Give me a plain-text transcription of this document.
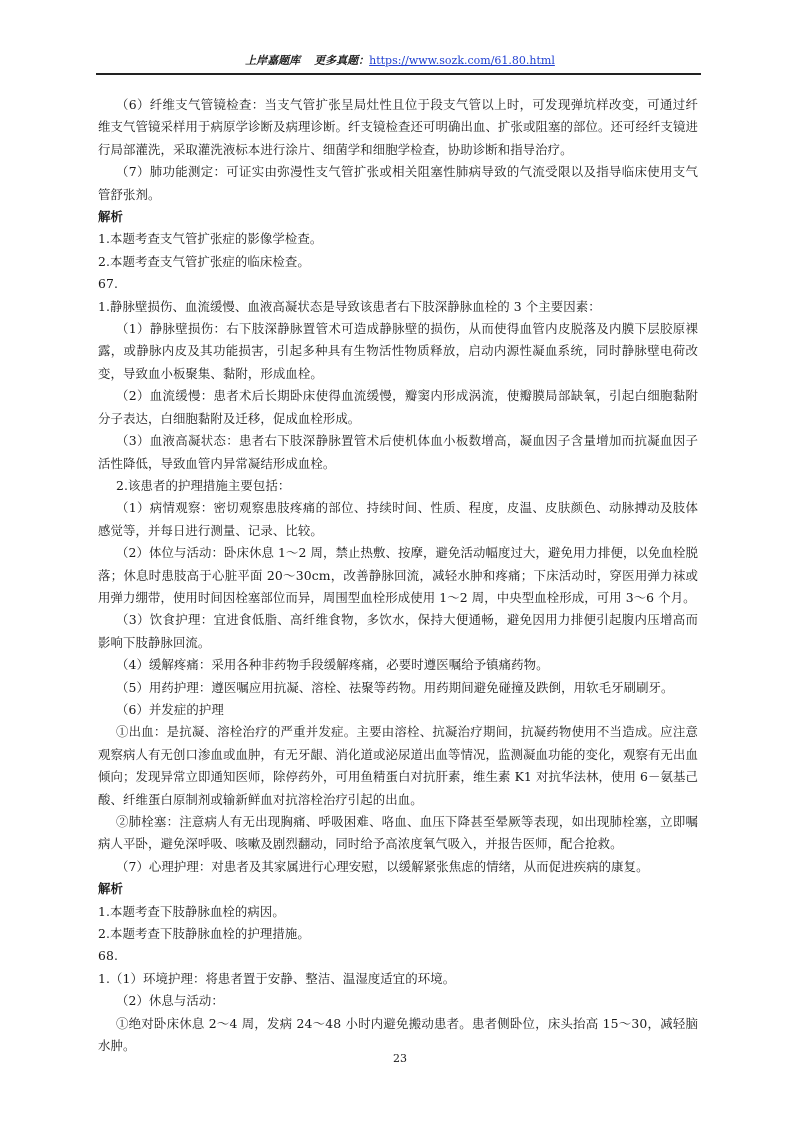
上岸嘉题库 更多真题：https://www.sozk.com/61.80.html

（6）纤维支气管镜检查：当支气管扩张呈局灶性且位于段支气管以上时，可发现弹坑样改变，可通过纤维支气管镜采样用于病原学诊断及病理诊断。纤支镜检查还可明确出血、扩张或阻塞的部位。还可经纤支镜进行局部灌洗，采取灌洗液标本进行涂片、细菌学和细胞学检查，协助诊断和指导治疗。

（7）肺功能测定：可证实由弥漫性支气管扩张或相关阻塞性肺病导致的气流受限以及指导临床使用支气管舒张剂。

解析

1.本题考查支气管扩张症的影像学检查。

2.本题考查支气管扩张症的临床检查。

67.

1.静脉壁损伤、血流缓慢、血液高凝状态是导致该患者右下肢深静脉血栓的 3 个主要因素：

（1）静脉壁损伤：右下肢深静脉置管术可造成静脉壁的损伤，从而使得血管内皮脱落及内膜下层胶原裸露，或静脉内皮及其功能损害，引起多种具有生物活性物质释放，启动内源性凝血系统，同时静脉壁电荷改变，导致血小板聚集、黏附，形成血栓。

（2）血流缓慢：患者术后长期卧床使得血流缓慢，瓣窦内形成涡流，使瓣膜局部缺氧，引起白细胞黏附分子表达，白细胞黏附及迁移，促成血栓形成。

（3）血液高凝状态：患者右下肢深静脉置管术后使机体血小板数增高，凝血因子含量增加而抗凝血因子活性降低，导致血管内异常凝结形成血栓。

2.该患者的护理措施主要包括：

（1）病情观察：密切观察患肢疼痛的部位、持续时间、性质、程度，皮温、皮肤颜色、动脉搏动及肢体感觉等，并每日进行测量、记录、比较。

（2）体位与活动：卧床休息 1～2 周，禁止热敷、按摩，避免活动幅度过大，避免用力排便，以免血栓脱落；休息时患肢高于心脏平面 20～30cm，改善静脉回流，减轻水肿和疼痛；下床活动时，穿医用弹力袜或用弹力绷带，使用时间因栓塞部位而异，周围型血栓形成使用 1～2 周，中央型血栓形成，可用 3～6 个月。

（3）饮食护理：宜进食低脂、高纤维食物，多饮水，保持大便通畅，避免因用力排便引起腹内压增高而影响下肢静脉回流。

（4）缓解疼痛：采用各种非药物手段缓解疼痛，必要时遵医嘱给予镇痛药物。

（5）用药护理：遵医嘱应用抗凝、溶栓、祛聚等药物。用药期间避免碰撞及跌倒，用软毛牙刷刷牙。

（6）并发症的护理

①出血：是抗凝、溶栓治疗的严重并发症。主要由溶栓、抗凝治疗期间，抗凝药物使用不当造成。应注意观察病人有无创口渗血或血肿，有无牙龈、消化道或泌尿道出血等情况，监测凝血功能的变化，观察有无出血倾向；发现异常立即通知医师，除停药外，可用鱼精蛋白对抗肝素，维生素 K1 对抗华法林，使用 6－氨基己酸、纤维蛋白原制剂或输新鲜血对抗溶栓治疗引起的出血。

②肺栓塞：注意病人有无出现胸痛、呼吸困难、咯血、血压下降甚至晕厥等表现，如出现肺栓塞，立即嘱病人平卧，避免深呼吸、咳嗽及剧烈翻动，同时给予高浓度氧气吸入，并报告医师，配合抢救。

（7）心理护理：对患者及其家属进行心理安慰，以缓解紧张焦虑的情绪，从而促进疾病的康复。

解析

1.本题考查下肢静脉血栓的病因。

2.本题考查下肢静脉血栓的护理措施。

68.

1.（1）环境护理：将患者置于安静、整洁、温湿度适宜的环境。

（2）休息与活动：

①绝对卧床休息 2～4 周，发病 24～48 小时内避免搬动患者。患者侧卧位，床头抬高 15～30，减轻脑水肿。

23
